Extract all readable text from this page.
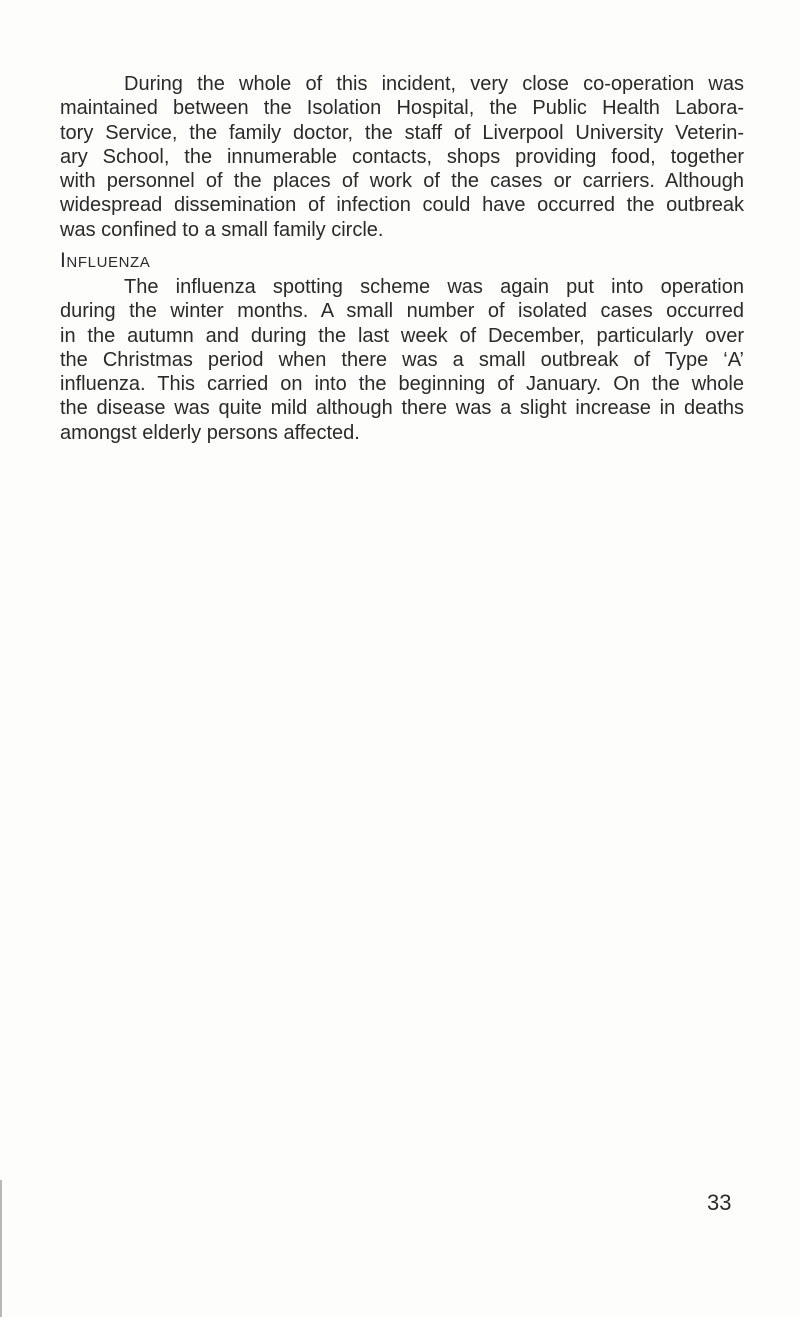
During the whole of this incident, very close co-operation was
maintained between the Isolation Hospital, the Public Health Labora-
tory Service, the family doctor, the staff of Liverpool University Veterin-
ary School, the innumerable contacts, shops providing food, together
with personnel of the places of work of the cases or carriers. Although
widespread dissemination of infection could have occurred the outbreak
was confined to a small family circle.

Influenza

The influenza spotting scheme was again put into operation
during the winter months. A small number of isolated cases occurred
in the autumn and during the last week of December, particularly over
the Christmas period when there was a small outbreak of Type ‘A’
influenza. This carried on into the beginning of January. On the whole
the disease was quite mild although there was a slight increase in deaths
amongst elderly persons affected.

33
